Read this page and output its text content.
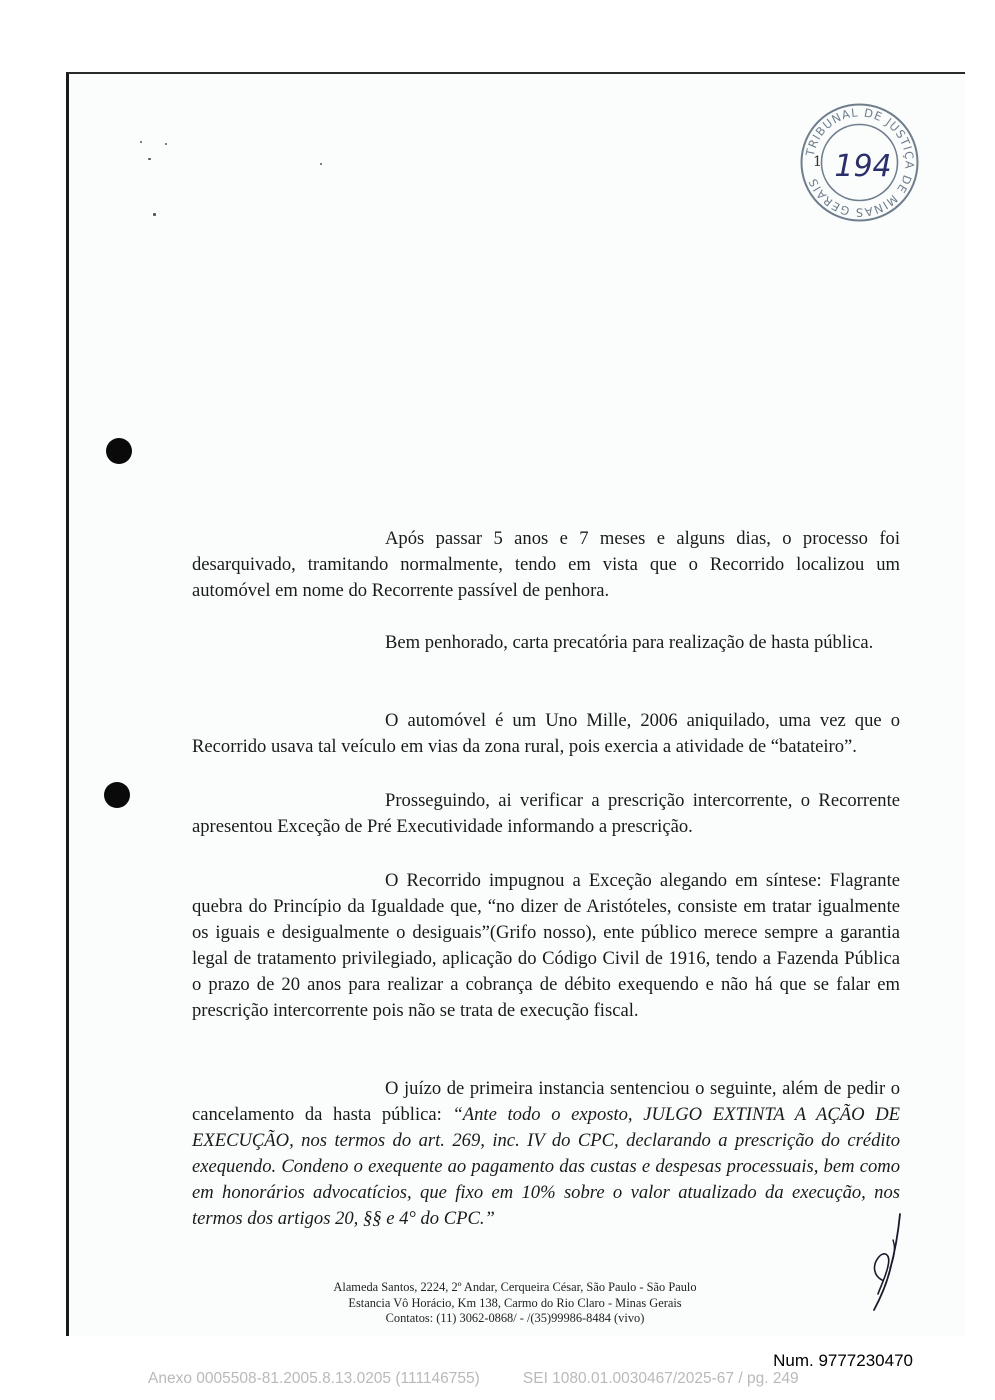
TRIBUNAL DE JUSTIÇA DE MINAS GERAIS
1 194

Após passar 5 anos e 7 meses e alguns dias, o processo foi desarquivado, tramitando normalmente, tendo em vista que o Recorrido localizou um automóvel em nome do Recorrente passível de penhora.

Bem penhorado, carta precatória para realização de hasta pública.

O automóvel é um Uno Mille, 2006 aniquilado, uma vez que o Recorrido usava tal veículo em vias da zona rural, pois exercia a atividade de “batateiro”.

Prosseguindo, ai verificar a prescrição intercorrente, o Recorrente apresentou Exceção de Pré Executividade informando a prescrição.

O Recorrido impugnou a Exceção alegando em síntese: Flagrante quebra do Princípio da Igualdade que, “no dizer de Aristóteles, consiste em tratar igualmente os iguais e desigualmente o desiguais”(Grifo nosso), ente público merece sempre a garantia legal de tratamento privilegiado, aplicação do Código Civil de 1916, tendo a Fazenda Pública o prazo de 20 anos para realizar a cobrança de débito exequendo e não há que se falar em prescrição intercorrente pois não se trata de execução fiscal.

O juízo de primeira instancia sentenciou o seguinte, além de pedir o cancelamento da hasta pública: “Ante todo o exposto, JULGO EXTINTA A AÇÃO DE EXECUÇÃO, nos termos do art. 269, inc. IV do CPC, declarando a prescrição do crédito exequendo. Condeno o exequente ao pagamento das custas e despesas processuais, bem como em honorários advocatícios, que fixo em 10% sobre o valor atualizado da execução, nos termos dos artigos 20, §§ e 4° do CPC.”

Alameda Santos, 2224, 2º Andar, Cerqueira César, São Paulo - São Paulo
Estancia Vô Horácio, Km 138, Carmo do Rio Claro - Minas Gerais
Contatos: (11) 3062-0868/ - /(35)99986-8484 (vivo)
Num. 9777230470
Anexo 0005508-81.2005.8.13.0205 (111146755)	SEI 1080.01.0030467/2025-67 / pg. 249
